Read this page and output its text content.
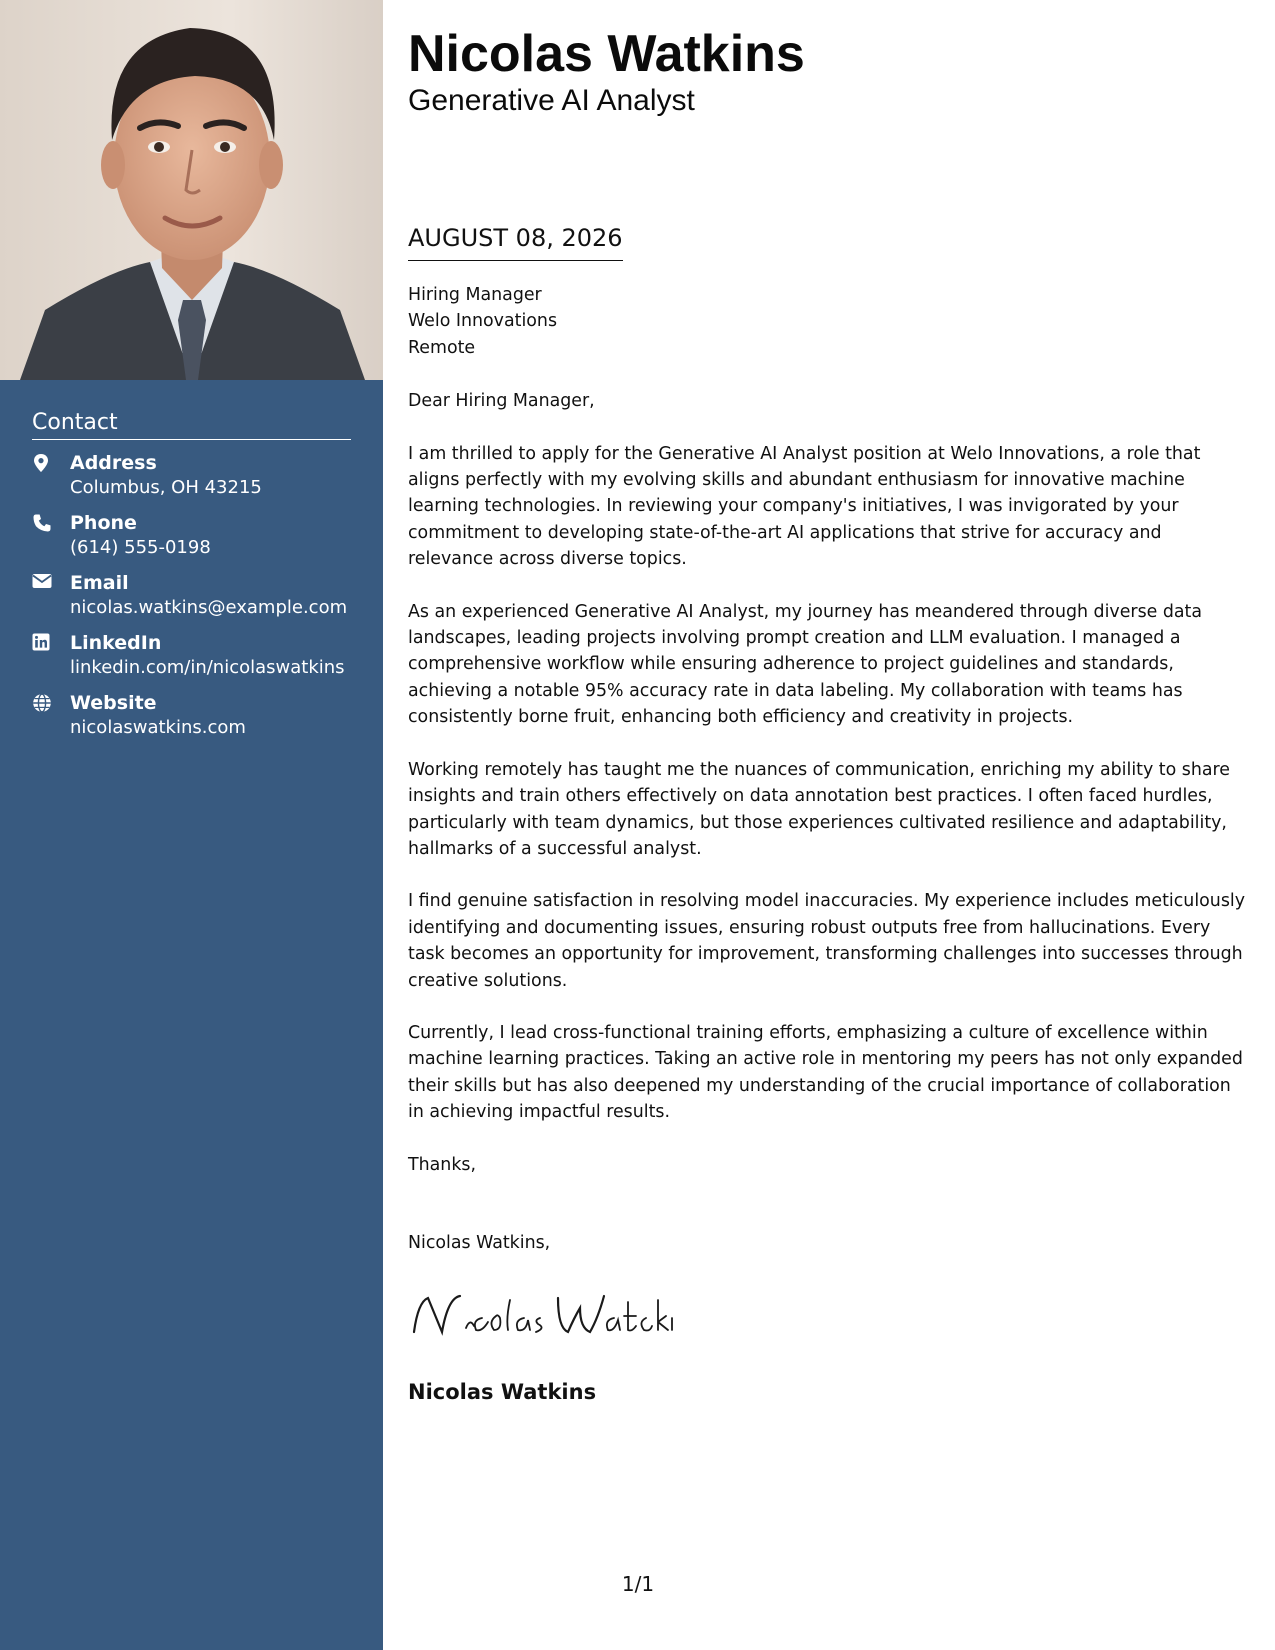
Contact
Address
Columbus, OH 43215
Phone
(614) 555-0198
Email
nicolas.watkins@example.com
LinkedIn
linkedin.com/in/nicolaswatkins
Website
nicolaswatkins.com
Nicolas Watkins
Generative AI Analyst
AUGUST 08, 2026
Hiring Manager
Welo Innovations
Remote

Dear Hiring Manager,

I am thrilled to apply for the Generative AI Analyst position at Welo Innovations, a role that aligns perfectly with my evolving skills and abundant enthusiasm for innovative machine learning technologies. In reviewing your company's initiatives, I was invigorated by your commitment to developing state-of-the-art AI applications that strive for accuracy and relevance across diverse topics.

As an experienced Generative AI Analyst, my journey has meandered through diverse data landscapes, leading projects involving prompt creation and LLM evaluation. I managed a comprehensive workflow while ensuring adherence to project guidelines and standards, achieving a notable 95% accuracy rate in data labeling. My collaboration with teams has consistently borne fruit, enhancing both efficiency and creativity in projects.

Working remotely has taught me the nuances of communication, enriching my ability to share insights and train others effectively on data annotation best practices. I often faced hurdles, particularly with team dynamics, but those experiences cultivated resilience and adaptability, hallmarks of a successful analyst.

I find genuine satisfaction in resolving model inaccuracies. My experience includes meticulously identifying and documenting issues, ensuring robust outputs free from hallucinations. Every task becomes an opportunity for improvement, transforming challenges into successes through creative solutions.

Currently, I lead cross-functional training efforts, emphasizing a culture of excellence within machine learning practices. Taking an active role in mentoring my peers has not only expanded their skills but has also deepened my understanding of the crucial importance of collaboration in achieving impactful results.

Thanks,

Nicolas Watkins,

Nicolas Watkins
1/1
